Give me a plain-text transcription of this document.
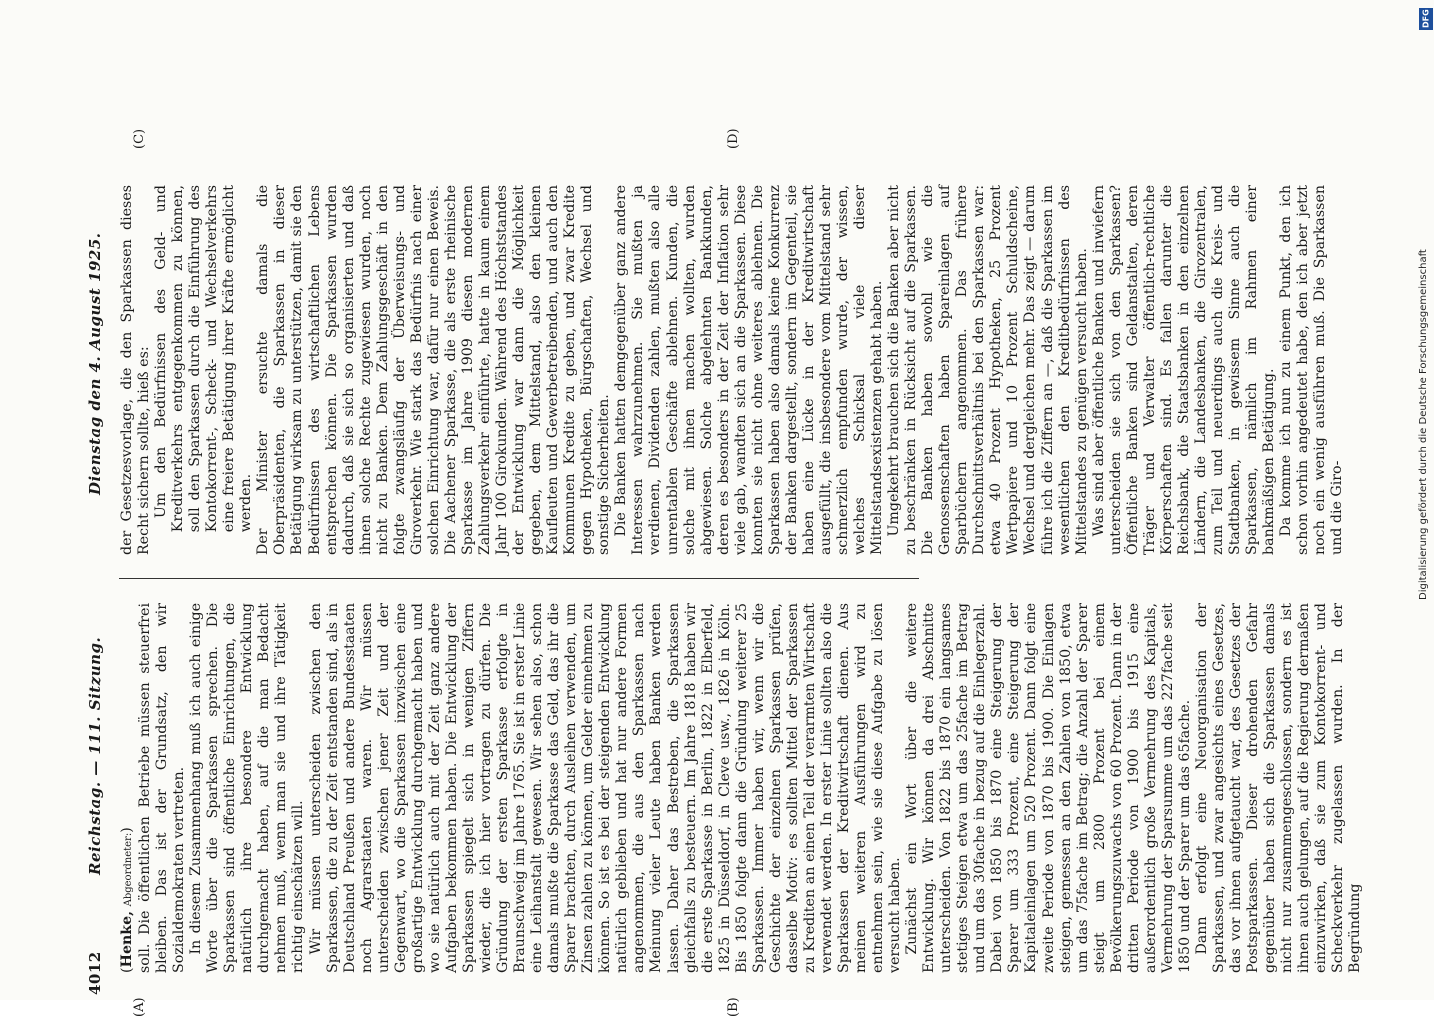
4012
Reichstag. — 111. Sitzung.
Dienstag den 4. August 1925.
(A)	(B)
(C)	(D)

(Henke, Abgeordneter:) soll. Die öffentlichen Betriebe müssen steuerfrei bleiben. Das ist der Grundsatz, den wir Sozialdemokraten vertreten. In diesem Zusammenhang muß ich auch einige Worte über die Sparkassen sprechen. Die Sparkassen sind öffentliche Einrichtungen, die natürlich ihre besondere Entwicklung durchgemacht haben, auf die man Bedacht nehmen muß, wenn man sie und ihre Tätigkeit richtig einschätzen will. Wir müssen unterscheiden zwischen den Sparkassen, die zu der Zeit entstanden sind, als in Deutschland Preußen und andere Bundesstaaten noch Agrarstaaten waren. Wir müssen unterscheiden zwischen jener Zeit und der Gegenwart, wo die Sparkassen inzwischen eine großartige Entwicklung durchgemacht haben und wo sie natürlich auch mit der Zeit ganz andere Aufgaben bekommen haben. Die Entwicklung der Sparkassen spiegelt sich in wenigen Ziffern wieder, die ich hier vortragen zu dürfen. Die Gründung der ersten Sparkasse erfolgte in Braunschweig im Jahre 1765. Sie ist in erster Linie eine Leihanstalt gewesen. Wir sehen also, schon damals mußte die Sparkasse das Geld, das ihr die Sparer brachten, durch Ausleihen verwenden, um Zinsen zahlen zu können, um Gelder einnehmen zu können. So ist es bei der steigenden Entwicklung natürlich geblieben und hat nur andere Formen angenommen, die aus den Sparkassen nach Meinung vieler Leute haben Banken werden lassen. Daher das Bestreben, die Sparkassen gleichfalls zu besteuern. Im Jahre 1818 haben wir die erste Sparkasse in Berlin, 1822 in Elberfeld, 1825 in Düsseldorf, in Cleve usw., 1826 in Köln. Bis 1850 folgte dann die Gründung weiterer 25 Sparkassen. Immer haben wir, wenn wir die Geschichte der einzelnen Sparkassen prüfen, dasselbe Motiv: es sollten Mittel der Sparkassen zu Krediten an einen Teil der verarmten Wirtschaft verwendet werden. In erster Linie sollten also die Sparkassen der Kreditwirtschaft dienen. Aus meinen weiteren Ausführungen wird zu entnehmen sein, wie sie diese Aufgabe zu lösen versucht haben. Zunächst ein Wort über die weitere Entwicklung. Wir können da drei Abschnitte unterscheiden. Von 1822 bis 1870 ein langsames stetiges Steigen etwa um das 25fache im Betrag und um das 30fache in bezug auf die Einlegerzahl. Dabei von 1850 bis 1870 eine Steigerung der Sparer um 333 Prozent, eine Steigerung der Kapitaleinlagen um 520 Prozent. Dann folgt eine zweite Periode von 1870 bis 1900. Die Einlagen steigen, gemessen an den Zahlen von 1850, etwa um das 75fache im Betrag; die Anzahl der Sparer steigt um 2800 Prozent bei einem Bevölkerungszuwachs von 60 Prozent. Dann in der dritten Periode von 1900 bis 1915 eine außerordentlich große Vermehrung des Kapitals, Vermehrung der Sparsumme um das 227fache seit 1850 und der Sparer um das 65fache. Dann erfolgt eine Neuorganisation der Sparkassen, und zwar angesichts eines Gesetzes, das vor ihnen aufgetaucht war, des Gesetzes der Postsparkassen. Dieser drohenden Gefahr gegenüber haben sich die Sparkassen damals nicht nur zusammengeschlossen, sondern es ist ihnen auch gelungen, auf die Regierung dermaßen einzuwirken, daß sie zum Kontokorrent- und Scheckverkehr zugelassen wurden. In der Begründung

der Gesetzesvorlage, die den Sparkassen dieses Recht sichern sollte, hieß es: Um den Bedürfnissen des Geld- und Kreditverkehrs entgegenkommen zu können, soll den Sparkassen durch die Einführung des Kontokorrent-, Scheck- und Wechselverkehrs eine freiere Betätigung ihrer Kräfte ermöglicht werden. Der Minister ersuchte damals die Oberpräsidenten, die Sparkassen in dieser Betätigung wirksam zu unterstützen, damit sie den Bedürfnissen des wirtschaftlichen Lebens entsprechen können. Die Sparkassen wurden dadurch, daß sie sich so organisierten und daß ihnen solche Rechte zugewiesen wurden, noch nicht zu Banken. Dem Zahlungsgeschäft in den folgte zwangsläufig der Überweisungs- und Giroverkehr. Wie stark das Bedürfnis nach einer solchen Einrichtung war, dafür nur einen Beweis. Die Aachener Sparkasse, die als erste rheinische Sparkasse im Jahre 1909 diesen modernen Zahlungsverkehr einführte, hatte in kaum einem Jahr 100 Girokunden. Während des Höchststandes der Entwicklung war dann die Möglichkeit gegeben, dem Mittelstand, also den kleinen Kaufleuten und Gewerbetreibenden, und auch den Kommunen Kredite zu geben, und zwar Kredite gegen Hypotheken, Bürgschaften, Wechsel und sonstige Sicherheiten. Die Banken hatten demgegenüber ganz andere Interessen wahrzunehmen. Sie mußten ja verdienen, Dividenden zahlen, mußten also alle unrentablen Geschäfte ablehnen. Kunden, die solche mit ihnen machen wollten, wurden abgewiesen. Solche abgelehnten Bankkunden, deren es besonders in der Zeit der Inflation sehr viele gab, wandten sich an die Sparkassen. Diese konnten sie nicht ohne weiteres ablehnen. Die Sparkassen haben also damals keine Konkurrenz der Banken dargestellt, sondern im Gegenteil, sie haben eine Lücke in der Kreditwirtschaft ausgefüllt, die insbesondere vom Mittelstand sehr schmerzlich empfunden wurde, der wissen, welches Schicksal viele dieser Mittelstandsexistenzen gehabt haben. Umgekehrt brauchen sich die Banken aber nicht zu beschränken in Rücksicht auf die Sparkassen. Die Banken haben sowohl wie die Genossenschaften haben Spareinlagen auf Sparbüchern angenommen. Das frühere Durchschnittsverhältnis bei den Sparkassen war: etwa 40 Prozent Hypotheken, 25 Prozent Wertpapiere und 10 Prozent Schuldscheine, Wechsel und dergleichen mehr. Das zeigt — darum führe ich die Ziffern an —, daß die Sparkassen im wesentlichen den Kreditbedürfnissen des Mittelstandes zu genügen versucht haben. Was sind aber öffentliche Banken und inwiefern unterscheiden sie sich von den Sparkassen? Öffentliche Banken sind Geldanstalten, deren Träger und Verwalter öffentlich-rechtliche Körperschaften sind. Es fallen darunter die Reichsbank, die Staatsbanken in den einzelnen Ländern, die Landesbanken, die Girozentralen, zum Teil und neuerdings auch die Kreis- und Stadtbanken, in gewissem Sinne auch die Sparkassen, nämlich im Rahmen einer bankmäßigen Betätigung. Da komme ich nun zu einem Punkt, den ich schon vorhin angedeutet habe, den ich aber jetzt noch ein wenig ausführen muß. Die Sparkassen und die Giro-

DFG
Digitalisierung gefördert durch die Deutsche Forschungsgemeinschaft
